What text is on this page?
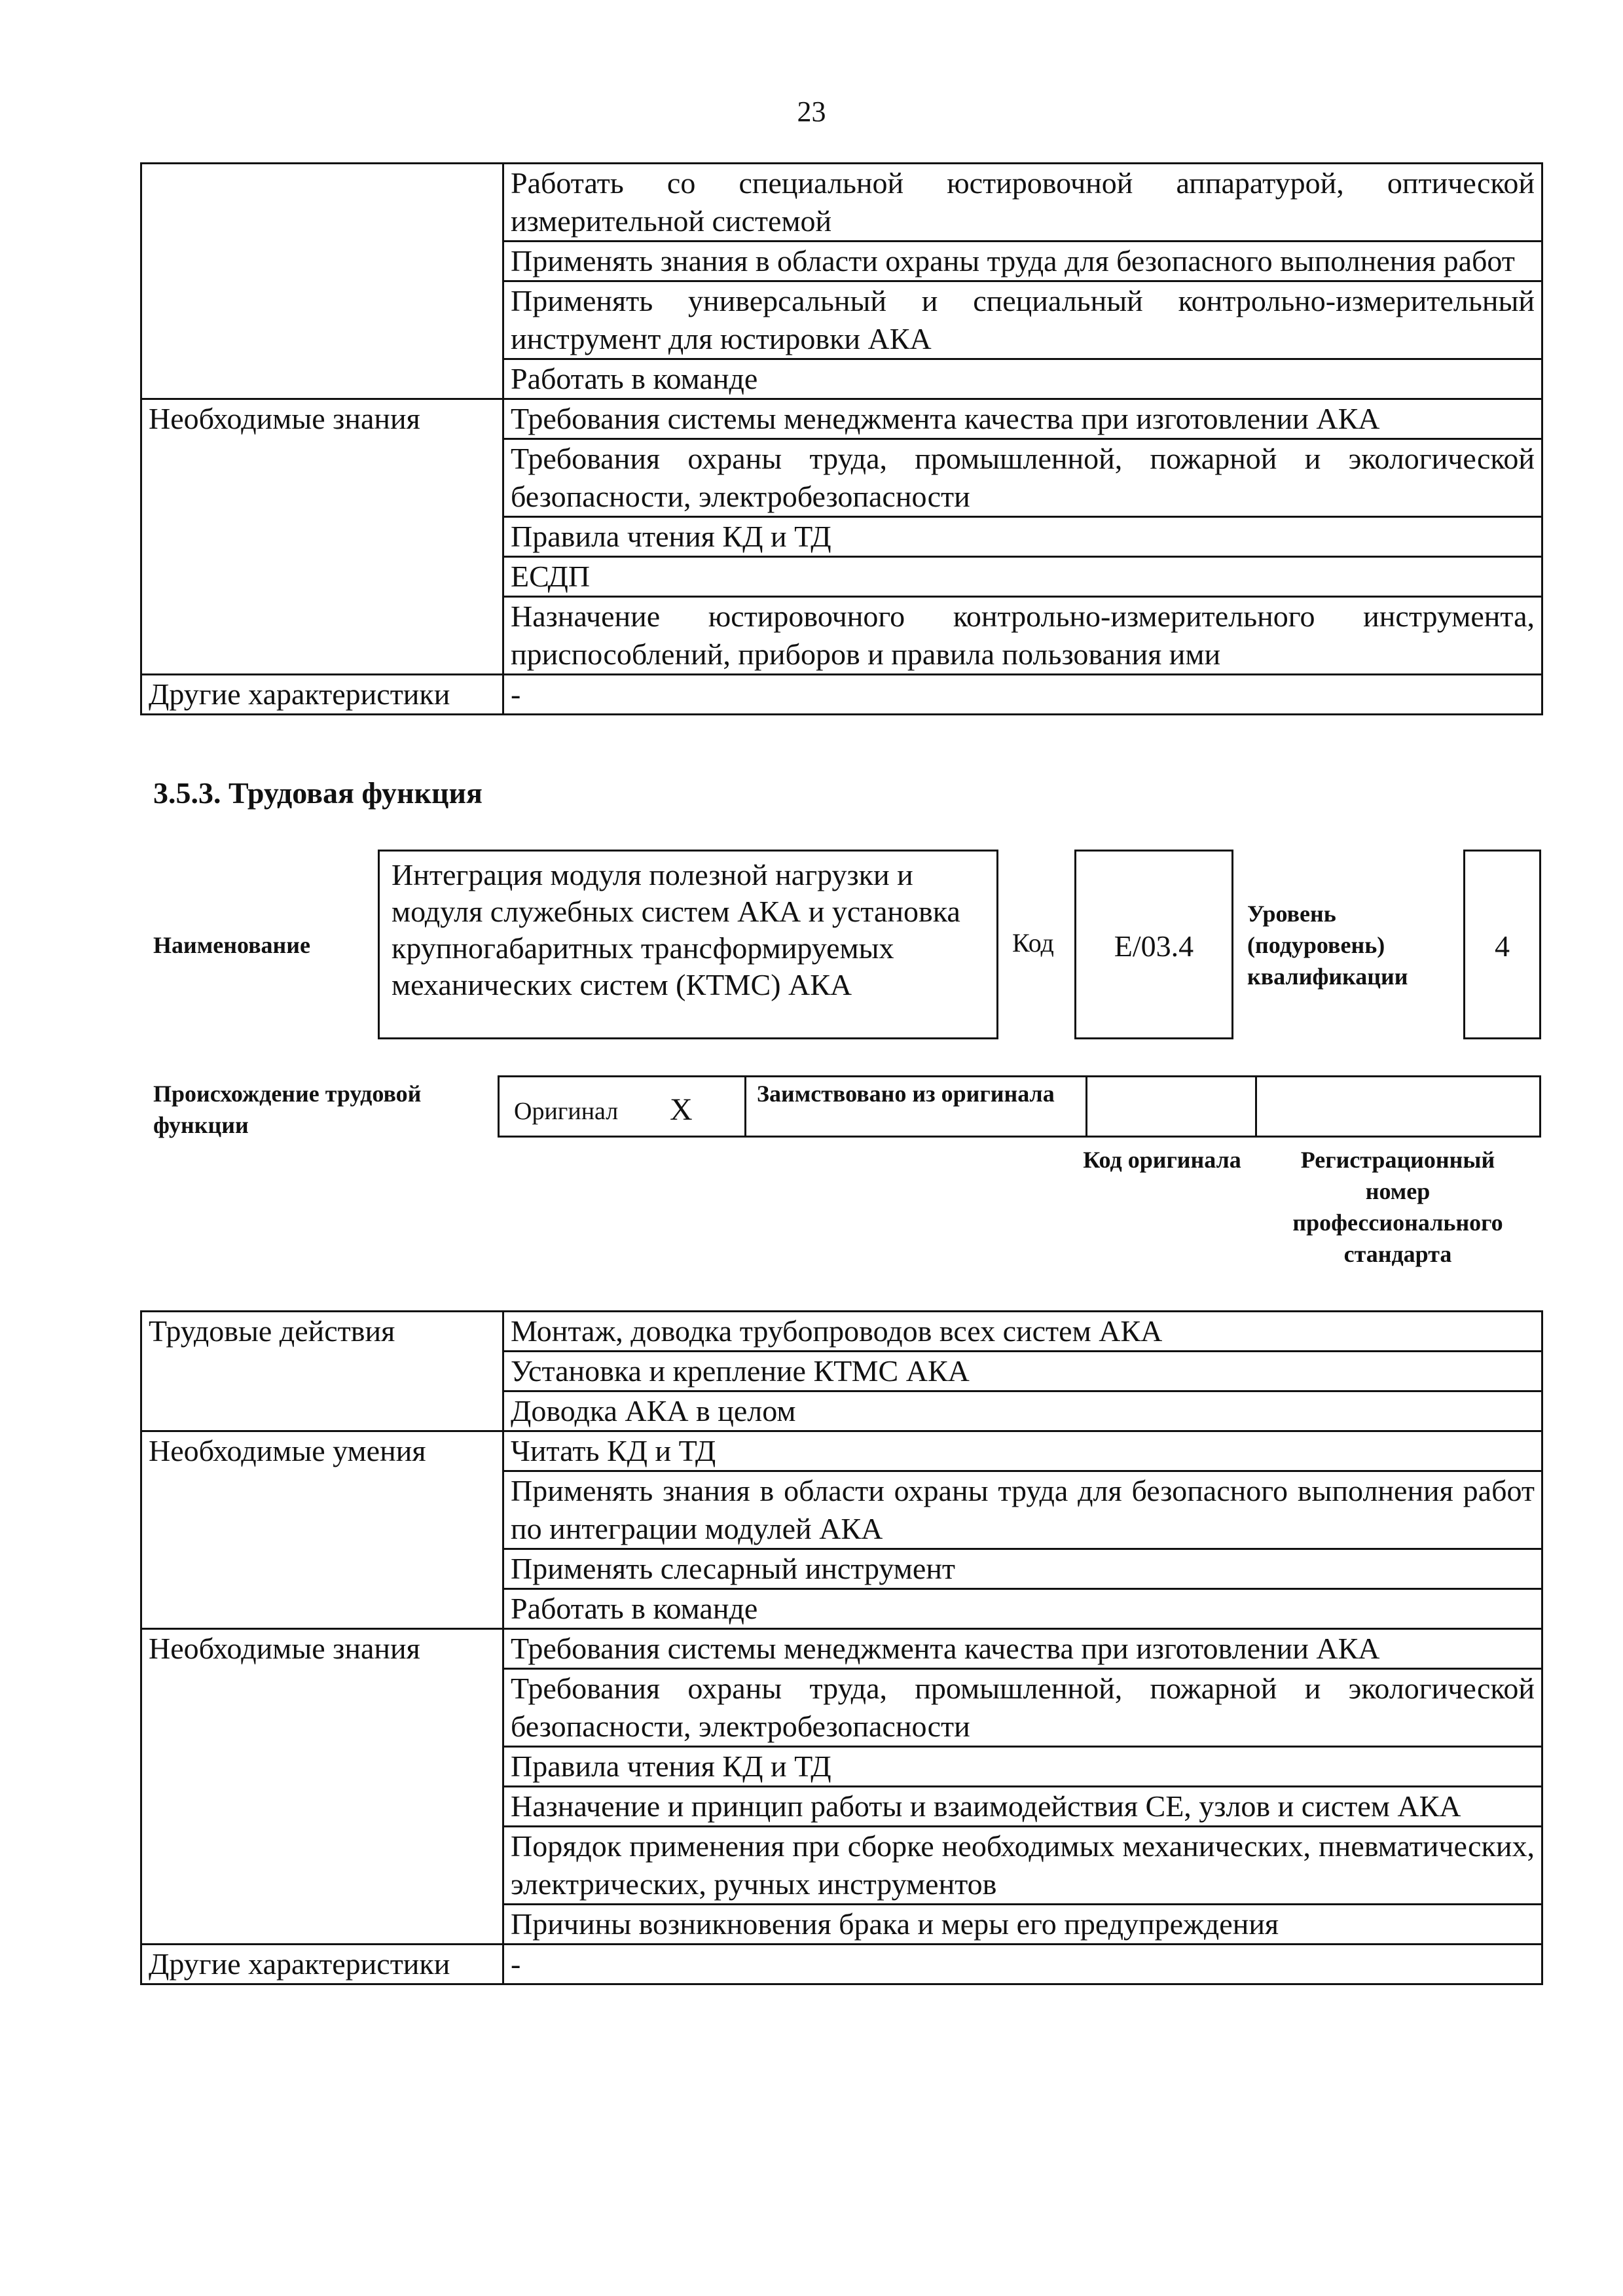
23
	Работать со специальной юстировочной аппаратурой, оптической измерительной системой
	Применять знания в области охраны труда для безопасного выполнения работ
	Применять универсальный и специальный контрольно-измерительный инструмент для юстировки АКА
	Работать в команде
Необходимые знания	Требования системы менеджмента качества при изготовлении АКА
	Требования охраны труда, промышленной, пожарной и экологической безопасности, электробезопасности
	Правила чтения КД и ТД
	ЕСДП
	Назначение юстировочного контрольно-измерительного инструмента, приспособлений, приборов и правила пользования ими
Другие характеристики	-
3.5.3. Трудовая функция
Наименование
Интеграция модуля полезной нагрузки и модуля служебных систем АКА и установка крупногабаритных трансформируемых механических систем (КТМС) АКА
Код	E/03.4
Уровень (подуровень) квалификации
4
Происхождение трудовой функции	Оригинал X	Заимствовано из оригинала
Код оригинала	Регистрационный номер профессионального стандарта
Трудовые действия	Монтаж, доводка трубопроводов всех систем АКА
	Установка и крепление КТМС АКА
	Доводка АКА в целом
Необходимые умения	Читать КД и ТД
	Применять знания в области охраны труда для безопасного выполнения работ по интеграции модулей АКА
	Применять слесарный инструмент
	Работать в команде
Необходимые знания	Требования системы менеджмента качества при изготовлении АКА
	Требования охраны труда, промышленной, пожарной и экологической безопасности, электробезопасности
	Правила чтения КД и ТД
	Назначение и принцип работы и взаимодействия СЕ, узлов и систем АКА
	Порядок применения при сборке необходимых механических, пневматических, электрических, ручных инструментов
	Причины возникновения брака и меры его предупреждения
Другие характеристики	-
